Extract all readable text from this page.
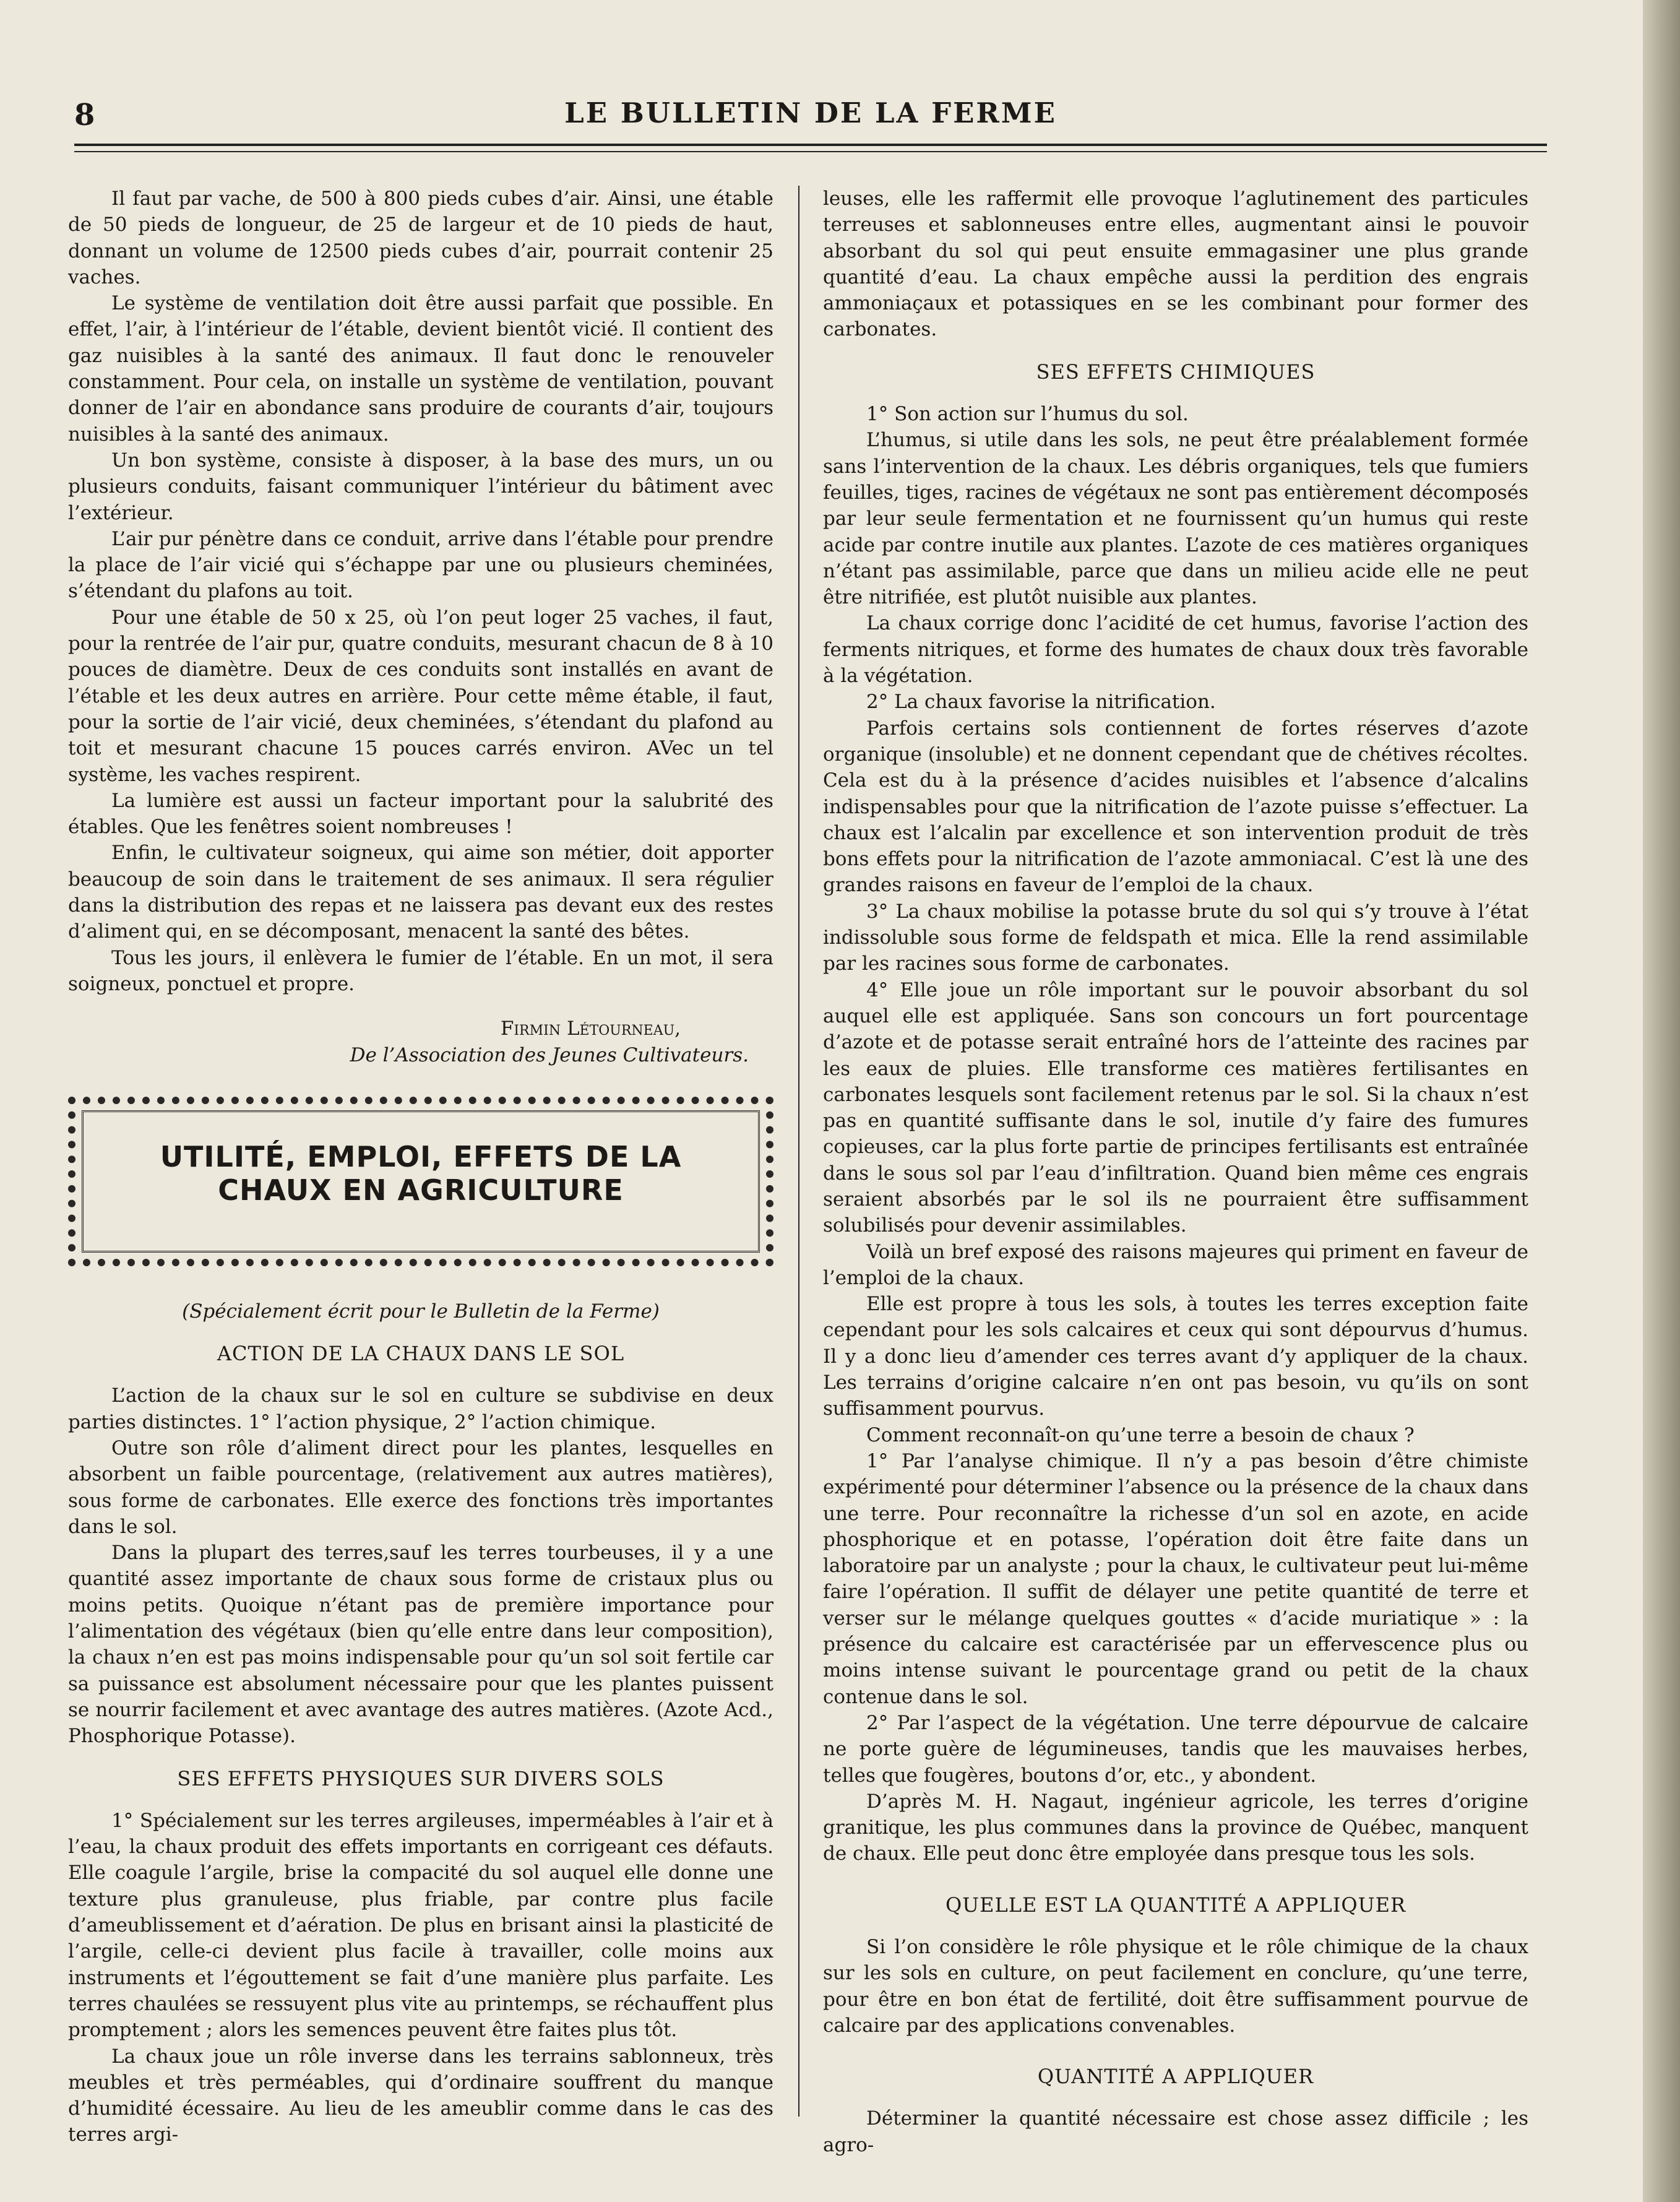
8	LE BULLETIN DE LA FERME

Il faut par vache, de 500 à 800 pieds cubes d’air. Ainsi, une étable de 50 pieds de longueur, de 25 de largeur et de 10 pieds de haut, donnant un volume de 12500 pieds cubes d’air, pourrait contenir 25 vaches.

Le système de ventilation doit être aussi parfait que possible. En effet, l’air, à l’intérieur de l’étable, devient bientôt vicié. Il contient des gaz nuisibles à la santé des animaux. Il faut donc le renouveler constamment. Pour cela, on installe un système de ventilation, pouvant donner de l’air en abondance sans produire de courants d’air, toujours nuisibles à la santé des animaux.

Un bon système, consiste à disposer, à la base des murs, un ou plusieurs conduits, faisant communiquer l’intérieur du bâtiment avec l’extérieur.

L’air pur pénètre dans ce conduit, arrive dans l’étable pour prendre la place de l’air vicié qui s’échappe par une ou plusieurs cheminées, s’étendant du plafons au toit.

Pour une étable de 50 x 25, où l’on peut loger 25 vaches, il faut, pour la rentrée de l’air pur, quatre conduits, mesurant chacun de 8 à 10 pouces de diamètre. Deux de ces conduits sont installés en avant de l’étable et les deux autres en arrière. Pour cette même étable, il faut, pour la sortie de l’air vicié, deux cheminées, s’étendant du plafond au toit et mesurant chacune 15 pouces carrés environ. AVec un tel système, les vaches respirent.

La lumière est aussi un facteur important pour la salubrité des étables. Que les fenêtres soient nombreuses !

Enfin, le cultivateur soigneux, qui aime son métier, doit apporter beaucoup de soin dans le traitement de ses animaux. Il sera régulier dans la distribution des repas et ne laissera pas devant eux des restes d’aliment qui, en se décomposant, menacent la santé des bêtes.

Tous les jours, il enlèvera le fumier de l’étable. En un mot, il sera soigneux, ponctuel et propre.

Firmin Létourneau,

De l’Association des Jeunes Cultivateurs.

UTILITÉ, EMPLOI, EFFETS DE LA
CHAUX EN AGRICULTURE

(Spécialement écrit pour le Bulletin de la Ferme)

ACTION DE LA CHAUX DANS LE SOL

L’action de la chaux sur le sol en culture se subdivise en deux parties distinctes. 1° l’action physique, 2° l’action chimique.

Outre son rôle d’aliment direct pour les plantes, lesquelles en absorbent un faible pourcentage, (relativement aux autres matières), sous forme de carbonates. Elle exerce des fonctions très importantes dans le sol.

Dans la plupart des terres,sauf les terres tourbeuses, il y a une quantité assez importante de chaux sous forme de cristaux plus ou moins petits. Quoique n’étant pas de première importance pour l’alimentation des végétaux (bien qu’elle entre dans leur composition), la chaux n’en est pas moins indispensable pour qu’un sol soit fertile car sa puissance est absolument nécessaire pour que les plantes puissent se nourrir facilement et avec avantage des autres matières. (Azote Acd., Phosphorique Potasse).

SES EFFETS PHYSIQUES SUR DIVERS SOLS

1° Spécialement sur les terres argileuses, imperméables à l’air et à l’eau, la chaux produit des effets importants en corrigeant ces défauts. Elle coagule l’argile, brise la compacité du sol auquel elle donne une texture plus granuleuse, plus friable, par contre plus facile d’ameublissement et d’aération. De plus en brisant ainsi la plasticité de l’argile, celle-ci devient plus facile à travailler, colle moins aux instruments et l’égouttement se fait d’une manière plus parfaite. Les terres chaulées se ressuyent plus vite au printemps, se réchauffent plus promptement ; alors les semences peuvent être faites plus tôt.

La chaux joue un rôle inverse dans les terrains sablonneux, très meubles et très perméables, qui d’ordinaire souffrent du manque d’humidité écessaire. Au lieu de les ameublir comme dans le cas des terres argi-

leuses, elle les raffermit elle provoque l’aglutinement des particules terreuses et sablonneuses entre elles, augmentant ainsi le pouvoir absorbant du sol qui peut ensuite emmagasiner une plus grande quantité d’eau. La chaux empêche aussi la perdition des engrais ammoniaçaux et potassiques en se les combinant pour former des carbonates.

SES EFFETS CHIMIQUES

1° Son action sur l’humus du sol.

L’humus, si utile dans les sols, ne peut être préalablement formée sans l’intervention de la chaux. Les débris organiques, tels que fumiers feuilles, tiges, racines de végétaux ne sont pas entièrement décomposés par leur seule fermentation et ne fournissent qu’un humus qui reste acide par contre inutile aux plantes. L’azote de ces matières organiques n’étant pas assimilable, parce que dans un milieu acide elle ne peut être nitrifiée, est plutôt nuisible aux plantes.

La chaux corrige donc l’acidité de cet humus, favorise l’action des ferments nitriques, et forme des humates de chaux doux très favorable à la végétation.

2° La chaux favorise la nitrification.

Parfois certains sols contiennent de fortes réserves d’azote organique (insoluble) et ne donnent cependant que de chétives récoltes. Cela est du à la présence d’acides nuisibles et l’absence d’alcalins indispensables pour que la nitrification de l’azote puisse s’effectuer. La chaux est l’alcalin par excellence et son intervention produit de très bons effets pour la nitrification de l’azote ammoniacal. C’est là une des grandes raisons en faveur de l’emploi de la chaux.

3° La chaux mobilise la potasse brute du sol qui s’y trouve à l’état indissoluble sous forme de feldspath et mica. Elle la rend assimilable par les racines sous forme de carbonates.

4° Elle joue un rôle important sur le pouvoir absorbant du sol auquel elle est appliquée. Sans son concours un fort pourcentage d’azote et de potasse serait entraîné hors de l’atteinte des racines par les eaux de pluies. Elle transforme ces matières fertilisantes en carbonates lesquels sont facilement retenus par le sol. Si la chaux n’est pas en quantité suffisante dans le sol, inutile d’y faire des fumures copieuses, car la plus forte partie de principes fertilisants est entraînée dans le sous sol par l’eau d’infiltration. Quand bien même ces engrais seraient absorbés par le sol ils ne pourraient être suffisamment solubilisés pour devenir assimilables.

Voilà un bref exposé des raisons majeures qui priment en faveur de l’emploi de la chaux.

Elle est propre à tous les sols, à toutes les terres exception faite cependant pour les sols calcaires et ceux qui sont dépourvus d’humus. Il y a donc lieu d’amender ces terres avant d’y appliquer de la chaux. Les terrains d’origine calcaire n’en ont pas besoin, vu qu’ils on sont suffisamment pourvus.

Comment reconnaît-on qu’une terre a besoin de chaux ?

1° Par l’analyse chimique. Il n’y a pas besoin d’être chimiste expérimenté pour déterminer l’absence ou la présence de la chaux dans une terre. Pour reconnaître la richesse d’un sol en azote, en acide phosphorique et en potasse, l’opération doit être faite dans un laboratoire par un analyste ; pour la chaux, le cultivateur peut lui-même faire l’opération. Il suffit de délayer une petite quantité de terre et verser sur le mélange quelques gouttes « d’acide muriatique » : la présence du calcaire est caractérisée par un effervescence plus ou moins intense suivant le pourcentage grand ou petit de la chaux contenue dans le sol.

2° Par l’aspect de la végétation. Une terre dépourvue de calcaire ne porte guère de légumineuses, tandis que les mauvaises herbes, telles que fougères, boutons d’or, etc., y abondent.

D’après M. H. Nagaut, ingénieur agricole, les terres d’origine granitique, les plus communes dans la province de Québec, manquent de chaux. Elle peut donc être employée dans presque tous les sols.

QUELLE EST LA QUANTITÉ A APPLIQUER

Si l’on considère le rôle physique et le rôle chimique de la chaux sur les sols en culture, on peut facilement en conclure, qu’une terre, pour être en bon état de fertilité, doit être suffisamment pourvue de calcaire par des applications convenables.

QUANTITÉ A APPLIQUER

Déterminer la quantité nécessaire est chose assez difficile ; les agro-
